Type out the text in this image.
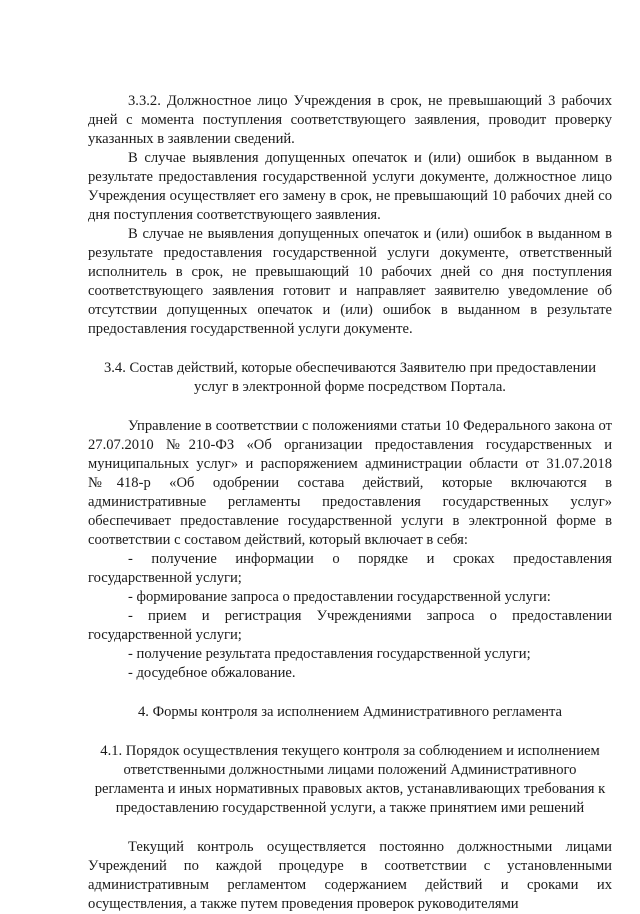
3.3.2. Должностное лицо Учреждения в срок, не превышающий 3 рабочих дней с момента поступления соответствующего заявления, проводит проверку указанных в заявлении сведений.

В случае выявления допущенных опечаток и (или) ошибок в выданном в результате предоставления государственной услуги документе, должностное лицо Учреждения осуществляет его замену в срок, не превышающий 10 рабочих дней со дня поступления соответствующего заявления.

В случае не выявления допущенных опечаток и (или) ошибок в выданном в результате предоставления государственной услуги документе, ответственный исполнитель в срок, не превышающий 10 рабочих дней со дня поступления соответствующего заявления готовит и направляет заявителю уведомление об отсутствии допущенных опечаток и (или) ошибок в выданном в результате предоставления государственной услуги документе.

3.4. Состав действий, которые обеспечиваются Заявителю при предоставлении услуг в электронной форме посредством Портала.

Управление в соответствии с положениями статьи 10 Федерального закона от 27.07.2010 №210-ФЗ «Об организации предоставления государственных и муниципальных услуг» и распоряжением администрации области от 31.07.2018 №418-р «Об одобрении состава действий, которые включаются в административные регламенты предоставления государственных услуг» обеспечивает предоставление государственной услуги в электронной форме в соответствии с составом действий, который включает в себя:

- получение информации о порядке и сроках предоставления государственной услуги;

- формирование запроса о предоставлении государственной услуги:

- прием и регистрация Учреждениями запроса о предоставлении государственной услуги;

- получение результата предоставления государственной услуги;

- досудебное обжалование.

4. Формы контроля за исполнением Административного регламента

4.1. Порядок осуществления текущего контроля за соблюдением и исполнением ответственными должностными лицами положений Административного регламента и иных нормативных правовых актов, устанавливающих требования к предоставлению государственной услуги, а также принятием ими решений

Текущий контроль осуществляется постоянно должностными лицами Учреждений по каждой процедуре в соответствии с установленными административным регламентом содержанием действий и сроками их осуществления, а также путем проведения проверок руководителями
